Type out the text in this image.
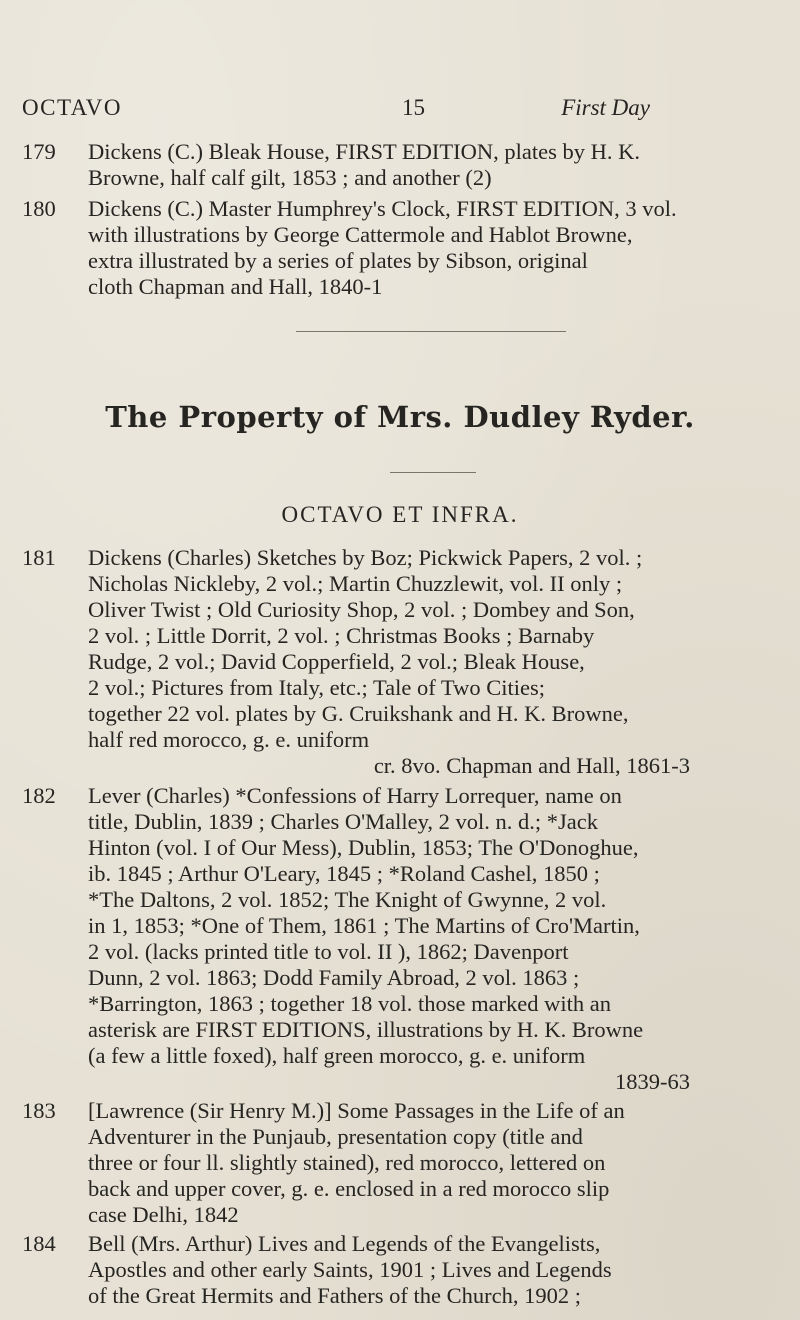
OCTAVO	15	First Day
179	Dickens (C.) Bleak House, FIRST EDITION, plates by H. K.
Browne, half calf gilt, 1853 ; and another (2)
180	Dickens (C.) Master Humphrey's Clock, FIRST EDITION, 3 vol.
with illustrations by George Cattermole and Hablot Browne,
extra illustrated by a series of plates by Sibson, original
cloth Chapman and Hall, 1840-1
The Property of Mrs. Dudley Ryder.
OCTAVO ET INFRA.
181	Dickens (Charles) Sketches by Boz; Pickwick Papers, 2 vol. ;
Nicholas Nickleby, 2 vol.; Martin Chuzzlewit, vol. II only ;
Oliver Twist ; Old Curiosity Shop, 2 vol. ; Dombey and Son,
2 vol. ; Little Dorrit, 2 vol. ; Christmas Books ; Barnaby
Rudge, 2 vol.; David Copperfield, 2 vol.; Bleak House,
2 vol.; Pictures from Italy, etc.; Tale of Two Cities;
together 22 vol. plates by G. Cruikshank and H. K. Browne,
half red morocco, g. e. uniform
cr. 8vo. Chapman and Hall, 1861-3
182	Lever (Charles) *Confessions of Harry Lorrequer, name on
title, Dublin, 1839 ; Charles O'Malley, 2 vol. n. d.; *Jack
Hinton (vol. I of Our Mess), Dublin, 1853; The O'Donoghue,
ib. 1845 ; Arthur O'Leary, 1845 ; *Roland Cashel, 1850 ;
*The Daltons, 2 vol. 1852; The Knight of Gwynne, 2 vol.
in 1, 1853; *One of Them, 1861 ; The Martins of Cro'Martin,
2 vol. (lacks printed title to vol. II ), 1862; Davenport
Dunn, 2 vol. 1863; Dodd Family Abroad, 2 vol. 1863 ;
*Barrington, 1863 ; together 18 vol. those marked with an
asterisk are FIRST EDITIONS, illustrations by H. K. Browne
(a few a little foxed), half green morocco, g. e. uniform
1839-63
183	[Lawrence (Sir Henry M.)] Some Passages in the Life of an
Adventurer in the Punjaub, presentation copy (title and
three or four ll. slightly stained), red morocco, lettered on
back and upper cover, g. e. enclosed in a red morocco slip
case Delhi, 1842
184	Bell (Mrs. Arthur) Lives and Legends of the Evangelists,
Apostles and other early Saints, 1901 ; Lives and Legends
of the Great Hermits and Fathers of the Church, 1902 ;
